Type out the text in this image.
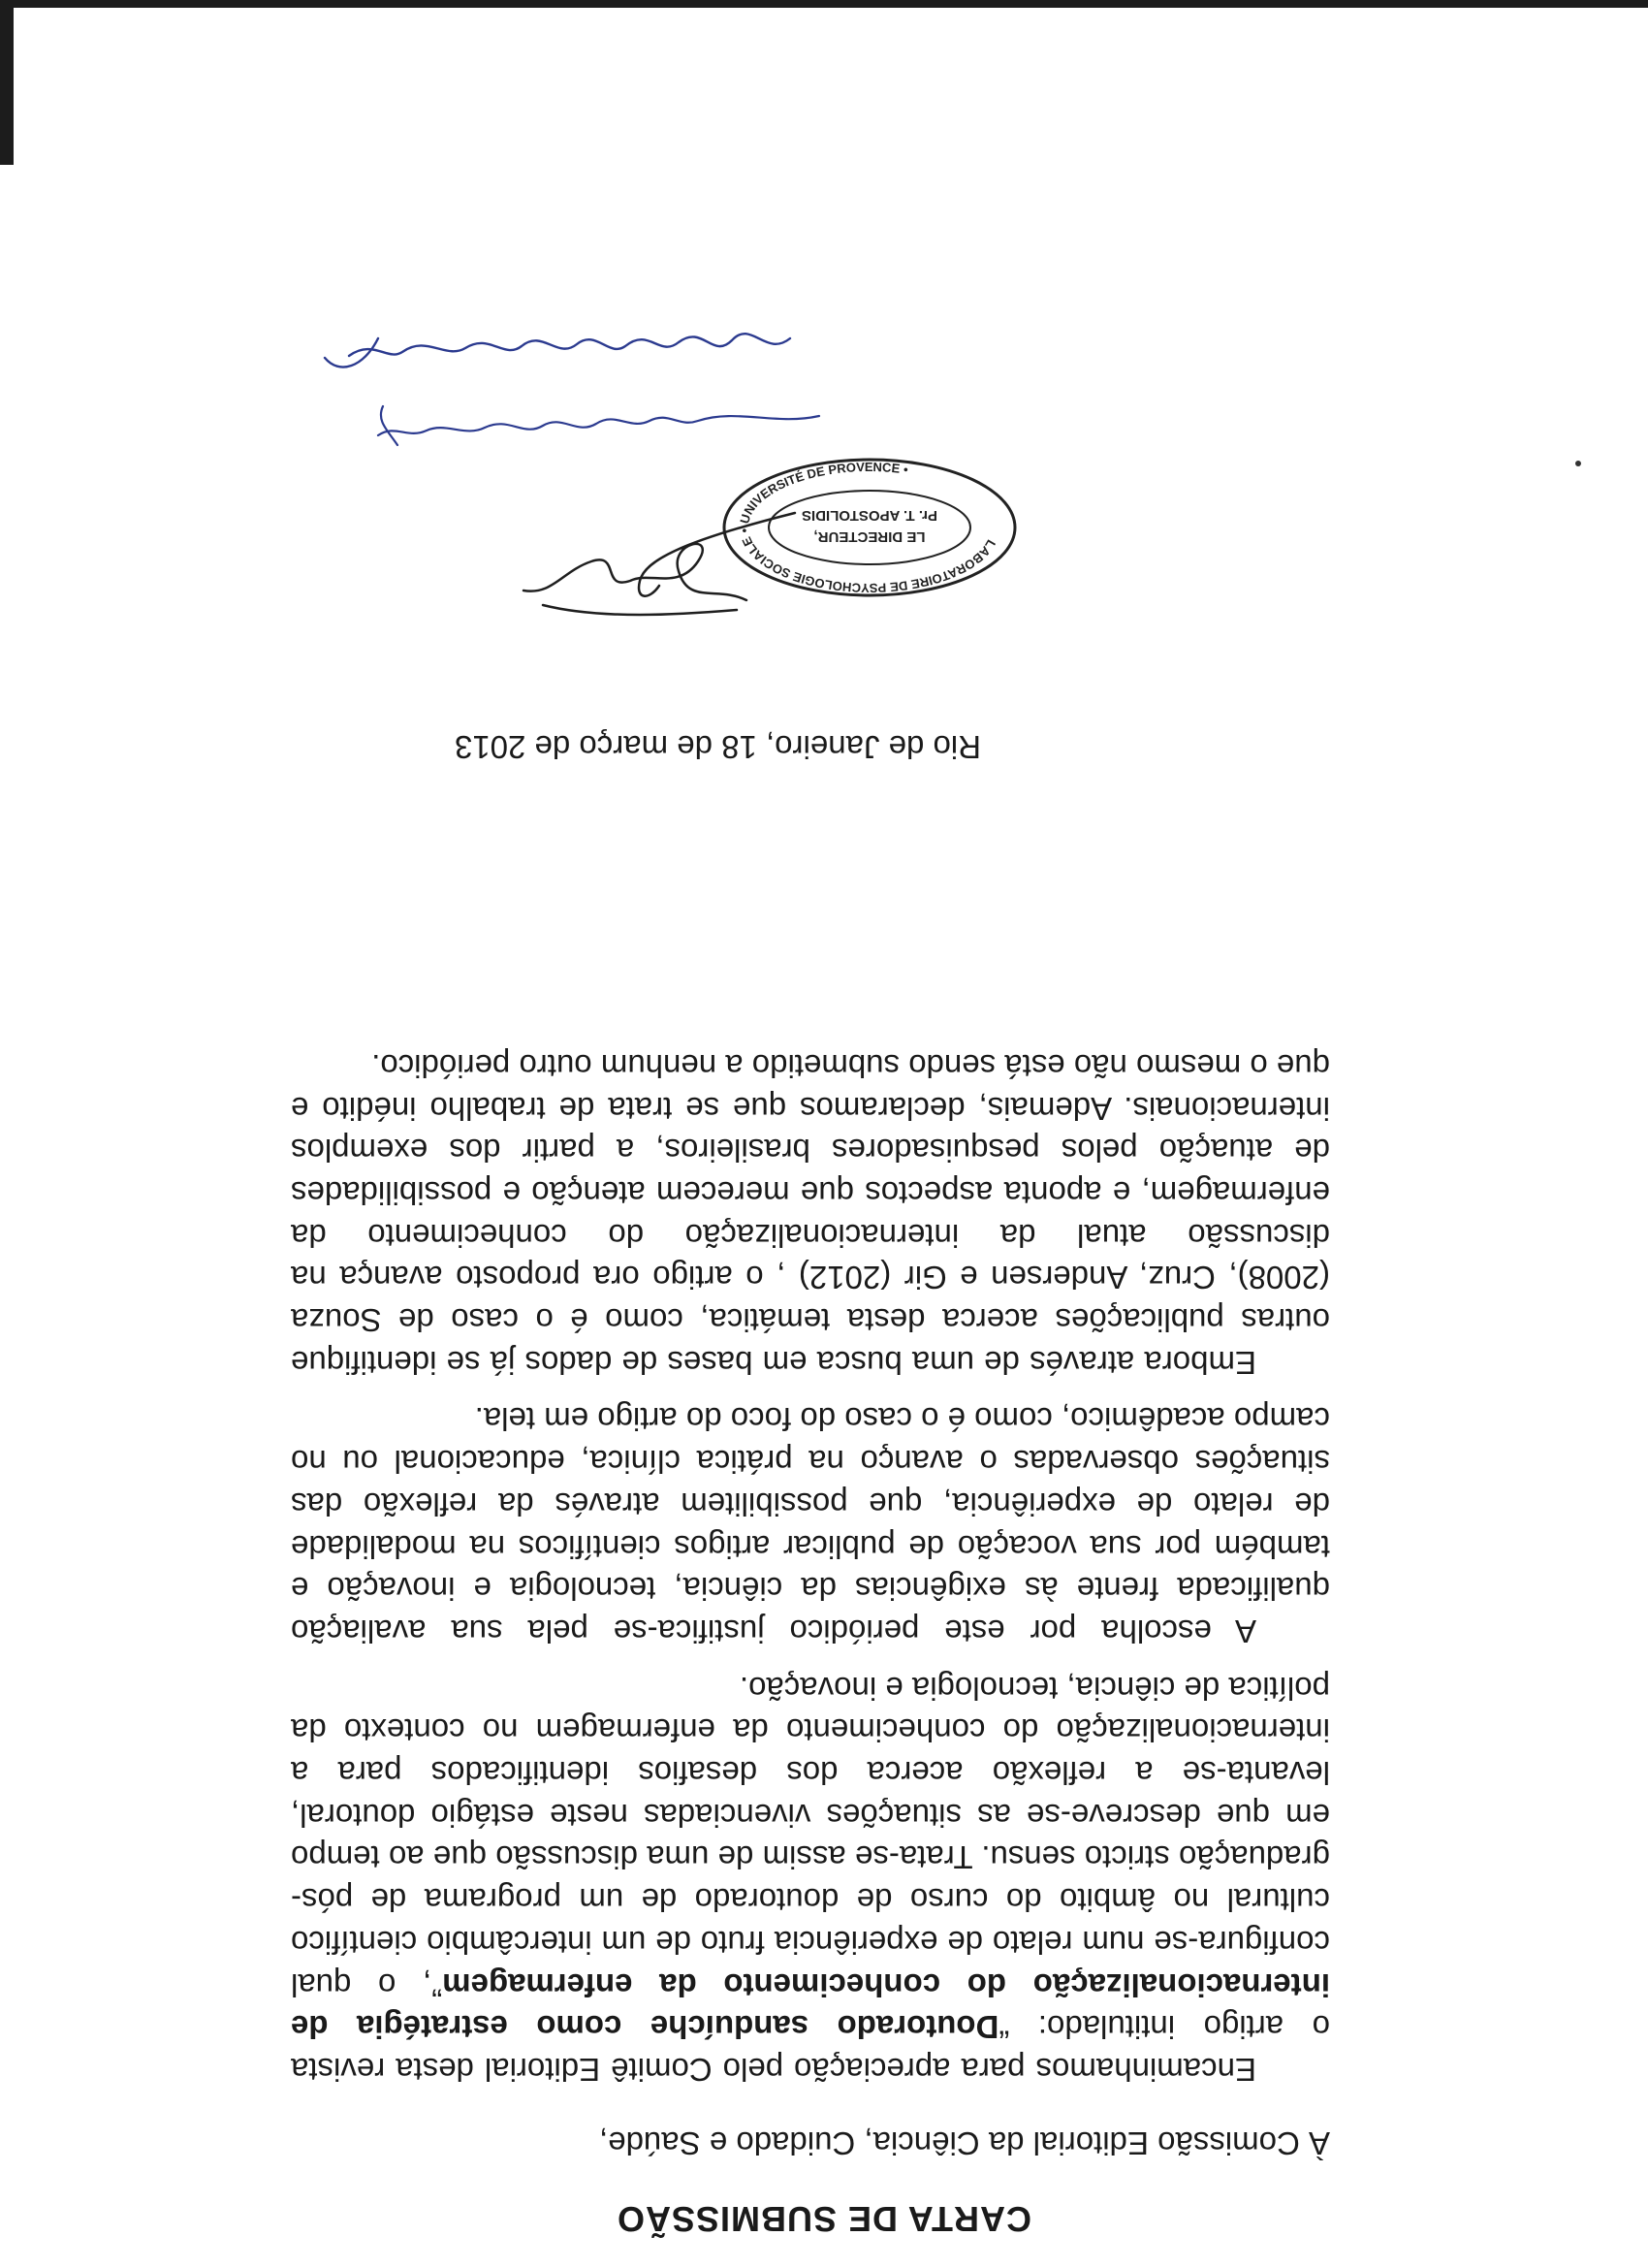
CARTA DE SUBMISSÃO
À Comissão Editorial da Ciência, Cuidado e Saúde,

Encaminhamos para apreciação pelo Comitê Editorial desta revista o artigo intitulado: “Doutorado sanduíche como estratégia de internacionalização do conhecimento da enfermagem”, o qual configura-se num relato de experiência fruto de um intercâmbio científico cultural no âmbito do curso de doutorado de um programa de pós-graduação stricto sensu. Trata-se assim de uma discussão que ao tempo em que descreve-se as situações vivenciadas neste estágio doutoral, levanta-se a reflexão acerca dos desafios identificados para a internacionalização do conhecimento da enfermagem no contexto da política de ciência, tecnologia e inovação.

A escolha por este periódico justifica-se pela sua avaliação qualificada frente às exigências da ciência, tecnologia e inovação e também por sua vocação de publicar artigos científicos na modalidade de relato de experiência, que possibilitem através da reflexão das situações observadas o avanço na prática clínica, educacional ou no campo acadêmico, como é o caso do foco do artigo em tela.

Embora através de uma busca em bases de dados já se identifique outras publicações acerca desta temática, como é o caso de Souza (2008), Cruz, Andersen e Gir (2012) , o artigo ora proposto avança na discussão atual da internacionalização do conhecimento da enfermagem, e aponta aspectos que merecem atenção e possibilidades de atuação pelos pesquisadores brasileiros, a partir dos exemplos internacionais. Ademais, declaramos que se trata de trabalho inédito e que o mesmo não está sendo submetido a nenhum outro periódico.

Rio de Janeiro, 18 de março de 2013
LABORATOIRE DE PSYCHOLOGIE SOCIALE • UNIVERSITÉ DE PROVENCE •
LE DIRECTEUR,
Pr. T. APOSTOLIDIS
